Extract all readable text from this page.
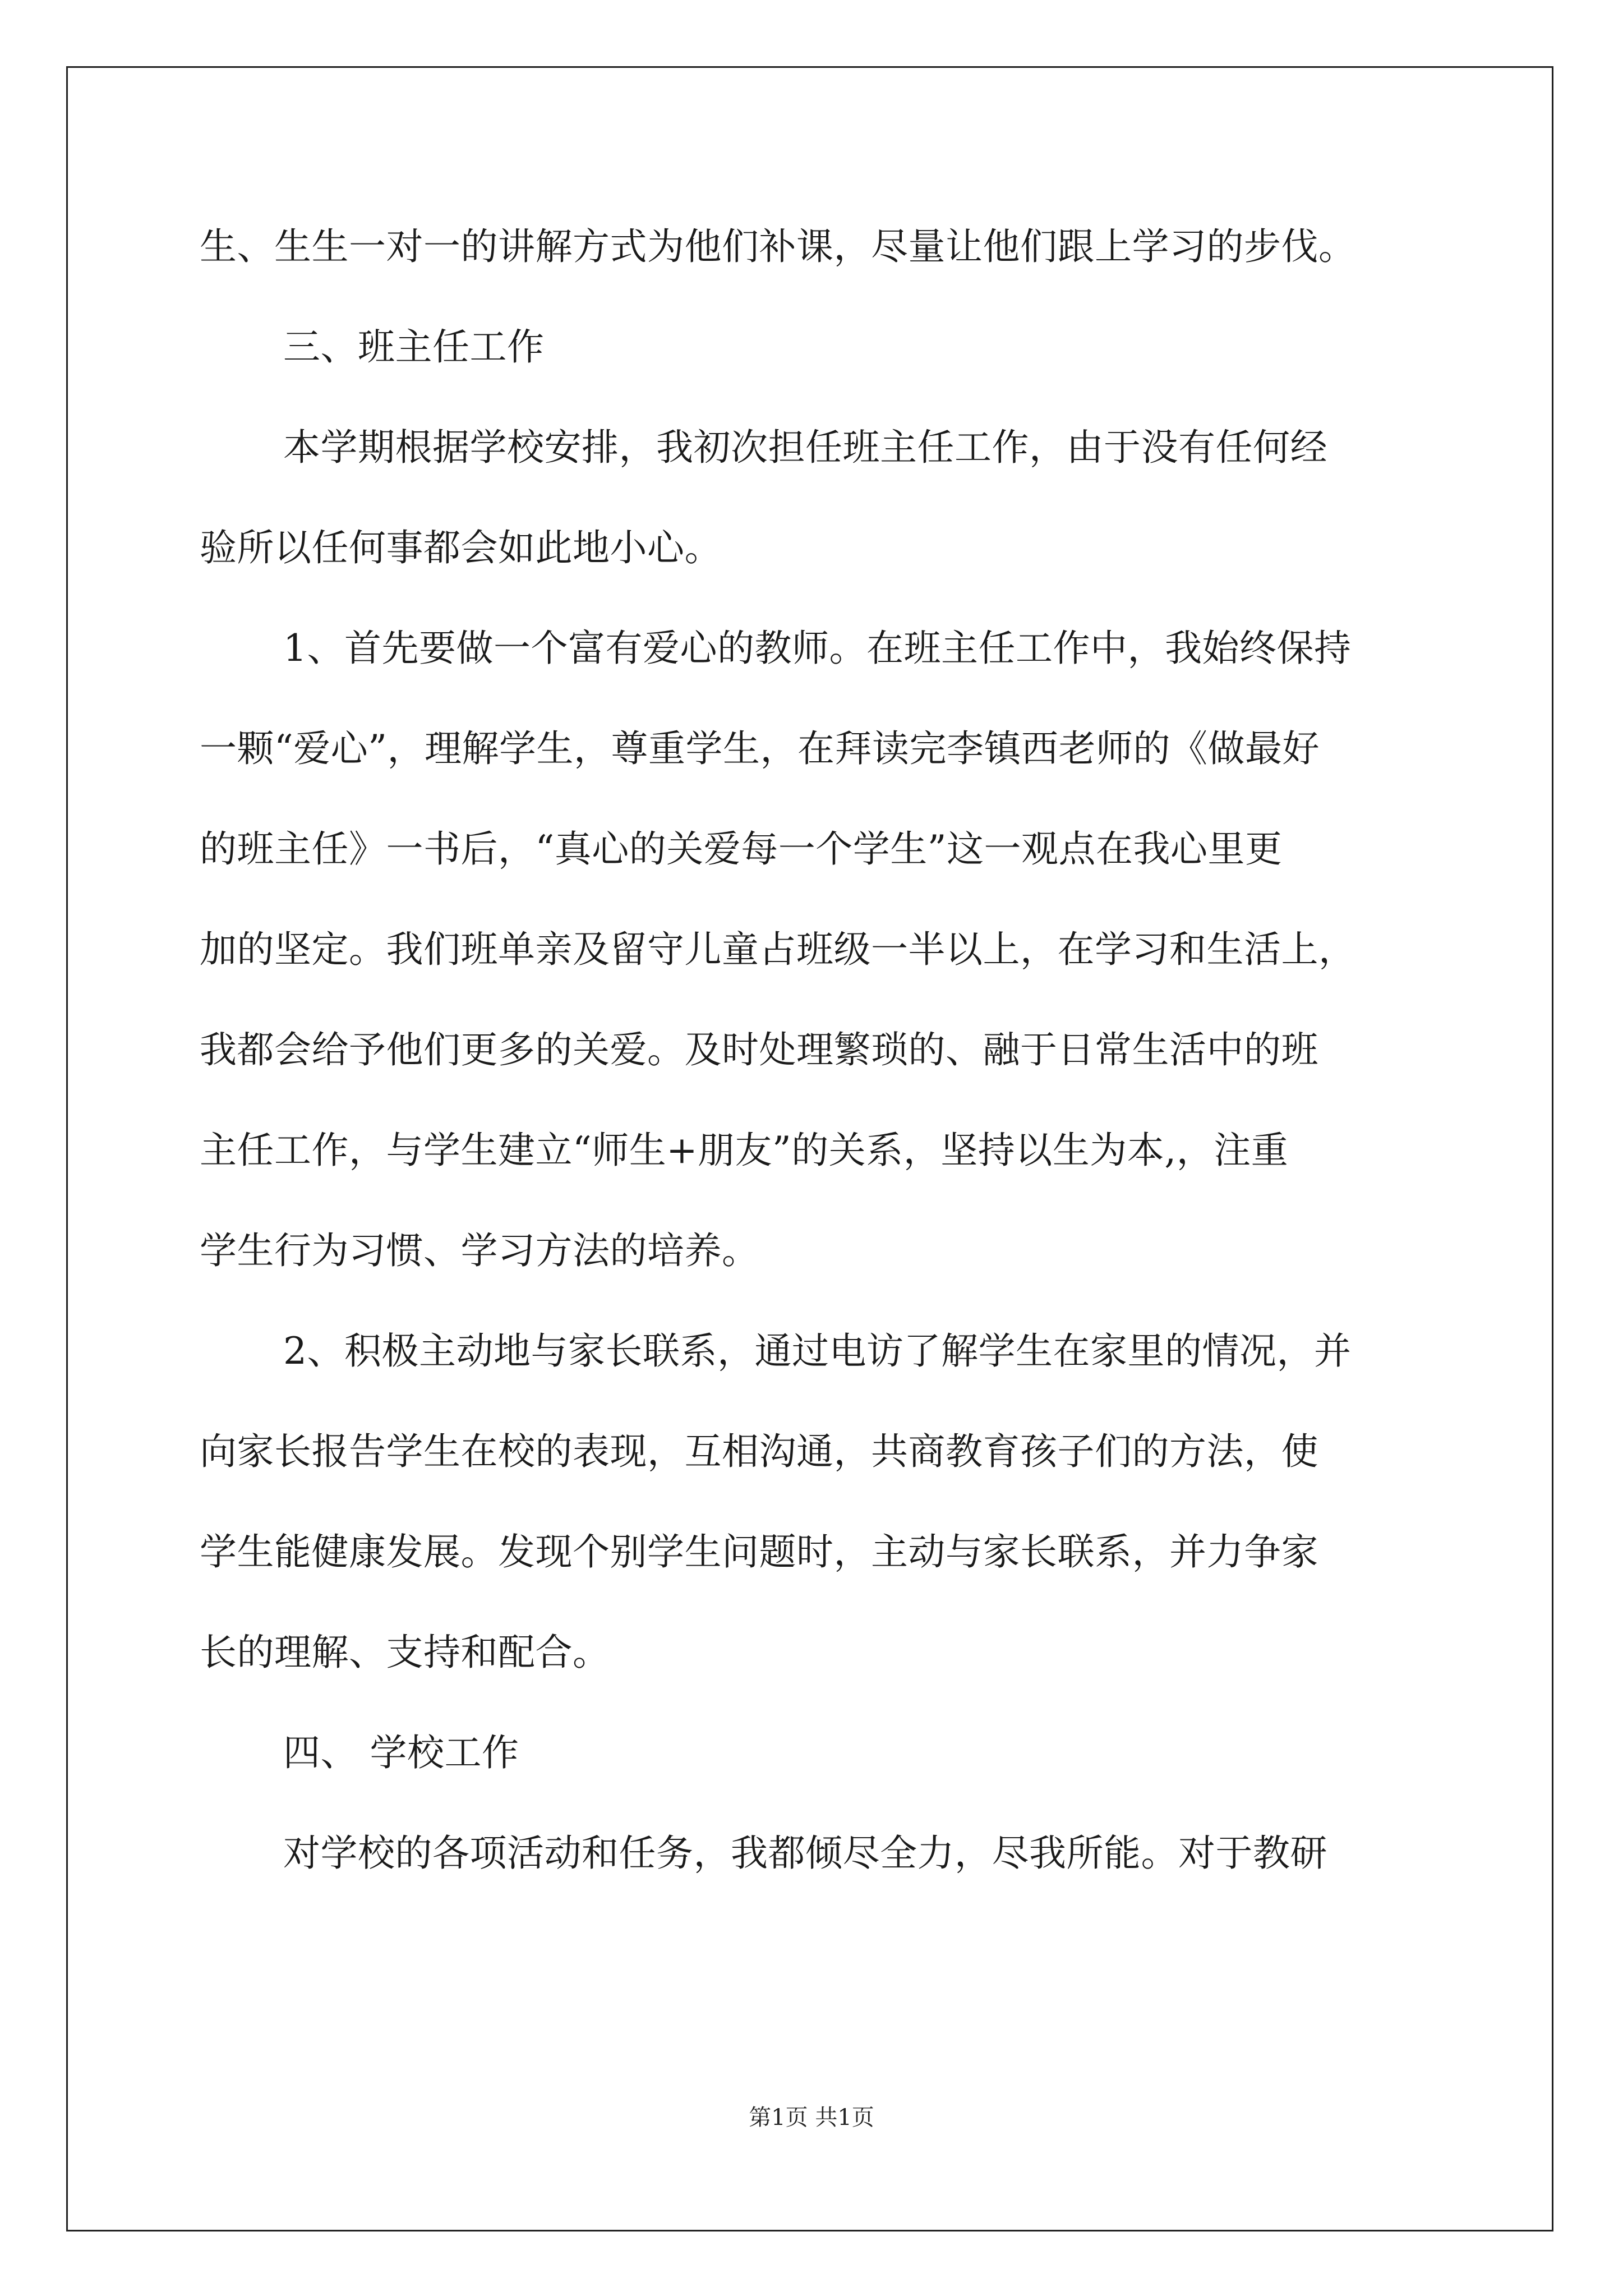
生、生生一对一的讲解方式为他们补课，尽量让他们跟上学习的步伐。
三、班主任工作
本学期根据学校安排，我初次担任班主任工作，由于没有任何经
验所以任何事都会如此地小心。
1、首先要做一个富有爱心的教师。在班主任工作中，我始终保持
一颗“爱心”，理解学生，尊重学生，在拜读完李镇西老师的《做最好
的班主任》一书后，“真心的关爱每一个学生”这一观点在我心里更
加的坚定。我们班单亲及留守儿童占班级一半以上，在学习和生活上，
我都会给予他们更多的关爱。及时处理繁琐的、融于日常生活中的班
主任工作，与学生建立“师生+朋友”的关系，坚持以生为本,，注重
学生行为习惯、学习方法的培养。
2、积极主动地与家长联系，通过电访了解学生在家里的情况，并
向家长报告学生在校的表现，互相沟通，共商教育孩子们的方法，使
学生能健康发展。发现个别学生问题时，主动与家长联系，并力争家
长的理解、支持和配合。
四、 学校工作
对学校的各项活动和任务，我都倾尽全力，尽我所能。对于教研
第1页 共1页
